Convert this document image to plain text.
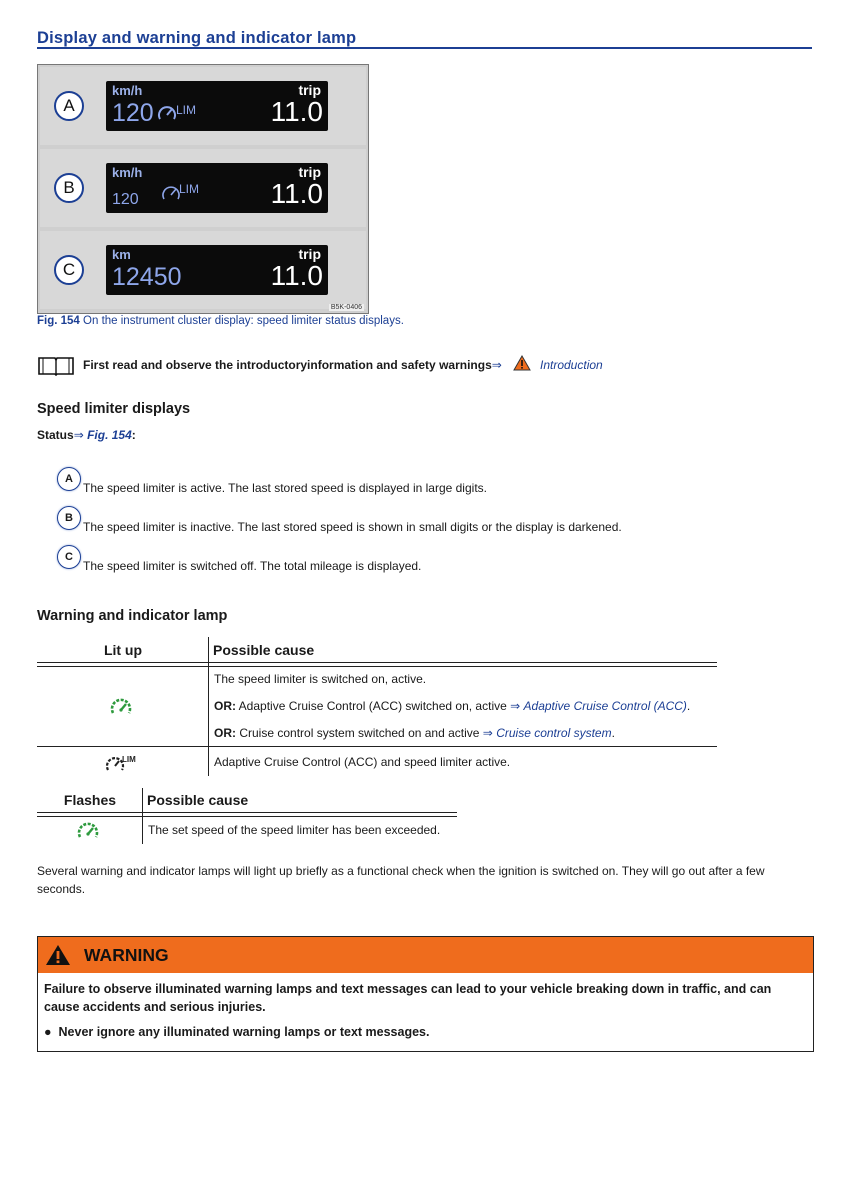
Display and warning and indicator lamp
A
km/h
120 LIM
trip
11.0
B
km/h
120
LIM
trip
11.0
C
km
12450
trip
11.0
B5K-0406
Fig. 154 On the instrument cluster display: speed limiter status displays.
First read and observe the introductoryinformation and safety warnings⇒	Introduction
Speed limiter displays
Status⇒ Fig. 154:
A
The speed limiter is active. The last stored speed is displayed in large digits.
B
The speed limiter is inactive. The last stored speed is shown in small digits or the display is darkened.
C
The speed limiter is switched off. The total mileage is displayed.
Warning and indicator lamp
Lit up	Possible cause
The speed limiter is switched on, active.
OR: Adaptive Cruise Control (ACC) switched on, active ⇒ Adaptive Cruise Control (ACC).
OR: Cruise control system switched on and active ⇒ Cruise control system.
LIM	Adaptive Cruise Control (ACC) and speed limiter active.
Flashes	Possible cause
The set speed of the speed limiter has been exceeded.
Several warning and indicator lamps will light up briefly as a functional check when the ignition is switched on. They will go out after a few seconds.
WARNING
Failure to observe illuminated warning lamps and text messages can lead to your vehicle breaking down in traffic, and can cause accidents and serious injuries.
● Never ignore any illuminated warning lamps or text messages.
